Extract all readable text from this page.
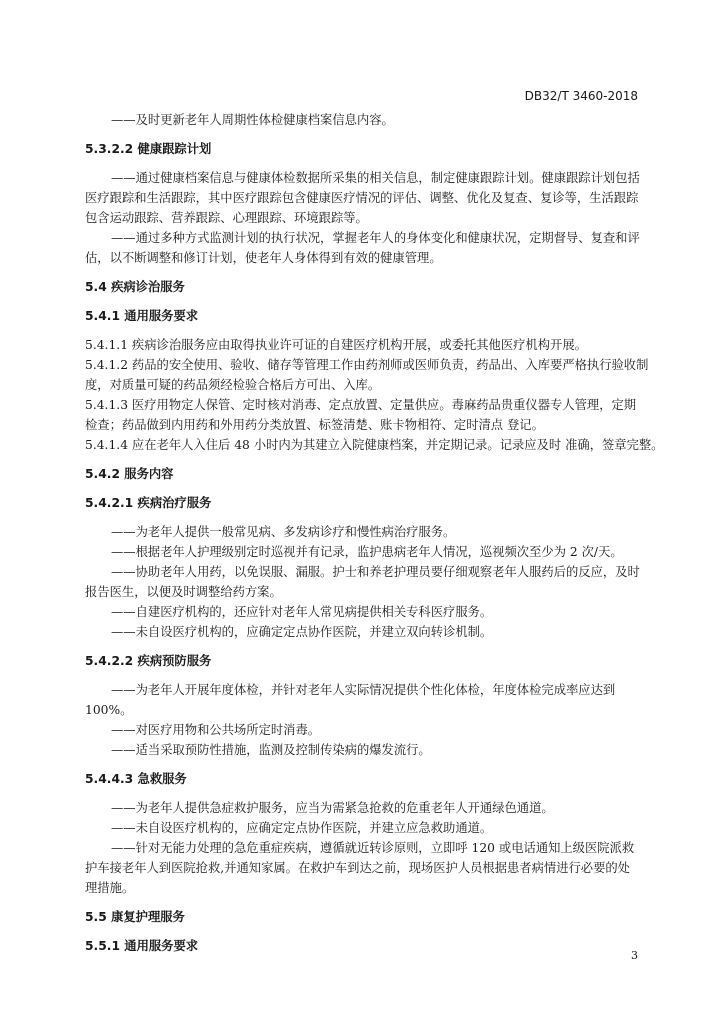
DB32/T 3460-2018
——及时更新老年人周期性体检健康档案信息内容。
5.3.2.2 健康跟踪计划
——通过健康档案信息与健康体检数据所采集的相关信息，制定健康跟踪计划。健康跟踪计划包括
医疗跟踪和生活跟踪，其中医疗跟踪包含健康医疗情况的评估、调整、优化及复查、复诊等，生活跟踪
包含运动跟踪、营养跟踪、心理跟踪、环境跟踪等。
——通过多种方式监测计划的执行状况，掌握老年人的身体变化和健康状况，定期督导、复查和评
估，以不断调整和修订计划，使老年人身体得到有效的健康管理。
5.4 疾病诊治服务
5.4.1 通用服务要求
5.4.1.1 疾病诊治服务应由取得执业许可证的自建医疗机构开展，或委托其他医疗机构开展。
5.4.1.2 药品的安全使用、验收、储存等管理工作由药剂师或医师负责，药品出、入库要严格执行验收制
度，对质量可疑的药品须经检验合格后方可出、入库。
5.4.1.3 医疗用物定人保管、定时核对消毒、定点放置、定量供应。毒麻药品贵重仪器专人管理，定期
检查；药品做到内用药和外用药分类放置、标签清楚、账卡物相符、定时清点 登记。
5.4.1.4 应在老年人入住后 48 小时内为其建立入院健康档案，并定期记录。记录应及时 准确，签章完整。
5.4.2 服务内容
5.4.2.1 疾病治疗服务
——为老年人提供一般常见病、多发病诊疗和慢性病治疗服务。
——根据老年人护理级别定时巡视并有记录，监护患病老年人情况，巡视频次至少为 2 次/天。
——协助老年人用药，以免误服、漏服。护士和养老护理员要仔细观察老年人服药后的反应，及时
报告医生，以便及时调整给药方案。
——自建医疗机构的，还应针对老年人常见病提供相关专科医疗服务。
——未自设医疗机构的，应确定定点协作医院，并建立双向转诊机制。
5.4.2.2 疾病预防服务
——为老年人开展年度体检，并针对老年人实际情况提供个性化体检，年度体检完成率应达到
100%。
——对医疗用物和公共场所定时消毒。
——适当采取预防性措施，监测及控制传染病的爆发流行。
5.4.4.3 急救服务
——为老年人提供急症救护服务，应当为需紧急抢救的危重老年人开通绿色通道。
——未自设医疗机构的，应确定定点协作医院，并建立应急救助通道。
——针对无能力处理的急危重症疾病，遵循就近转诊原则，立即呼 120 或电话通知上级医院派救
护车接老年人到医院抢救,并通知家属。在救护车到达之前，现场医护人员根据患者病情进行必要的处
理措施。
5.5 康复护理服务
5.5.1 通用服务要求
3
